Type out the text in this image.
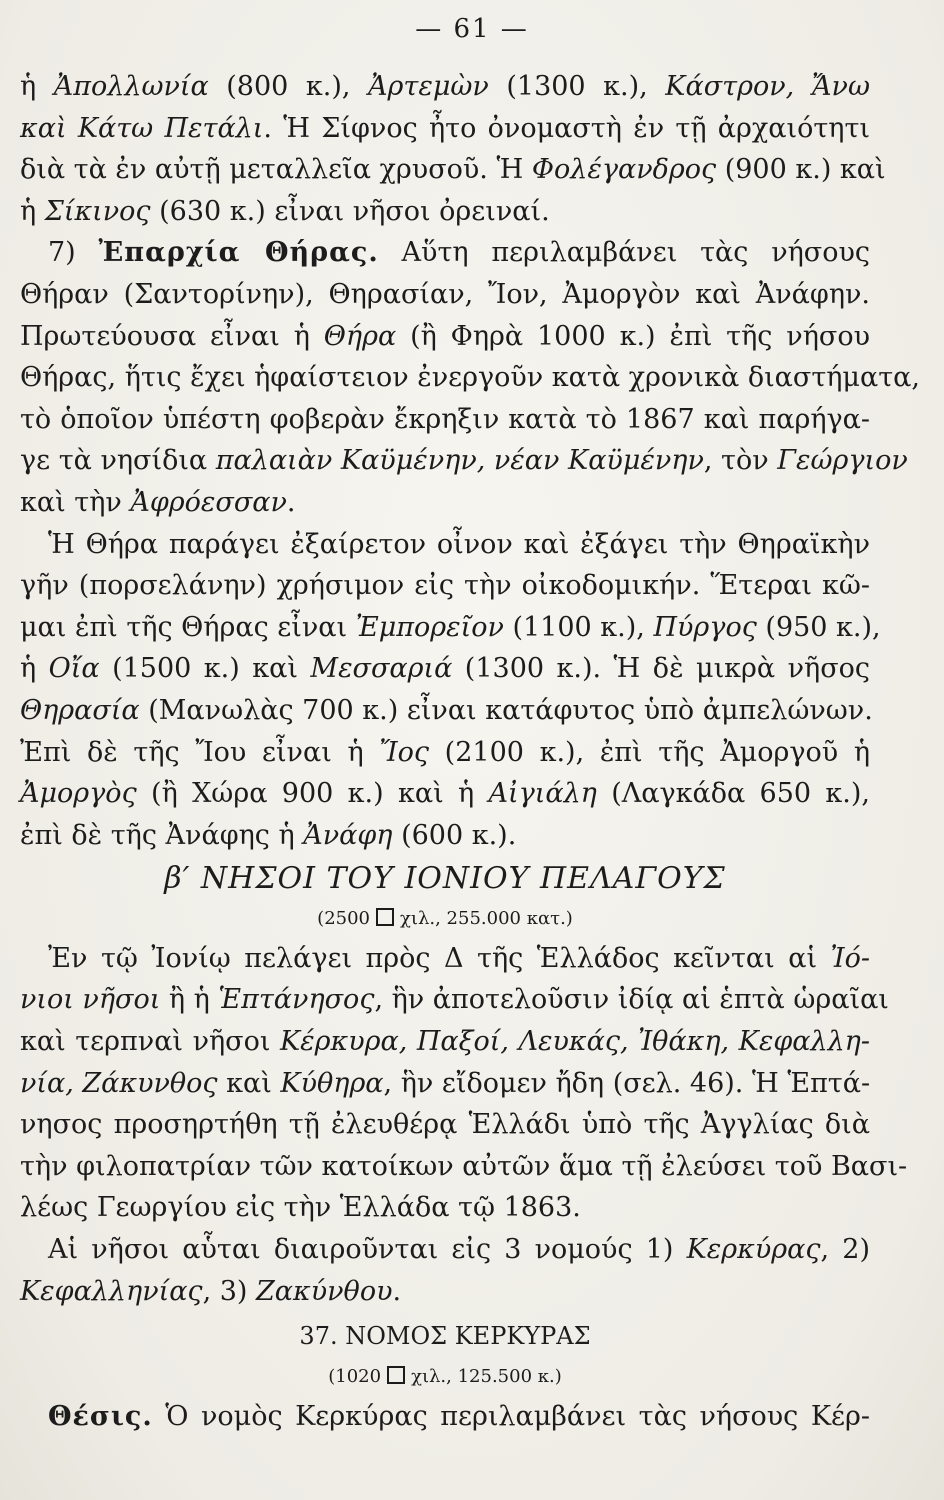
— 61 —
ἡ Ἀπολλωνία (800 κ.), Ἀρτεμὼν (1300 κ.), Κάστρον, Ἄνω
καὶ Κάτω Πετάλι. Ἡ Σίφνος ἦτο ὀνομαστὴ ἐν τῇ ἀρχαιότητι
διὰ τὰ ἐν αὐτῇ μεταλλεῖα χρυσοῦ. Ἡ Φολέγανδρος (900 κ.) καὶ
ἡ Σίκινος (630 κ.) εἶναι νῆσοι ὀρειναί.
7) Ἐπαρχία Θήρας. Αὕτη περιλαμβάνει τὰς νήσους
Θήραν (Σαντορίνην), Θηρασίαν, Ἴον, Ἀμοργὸν καὶ Ἀνάφην.
Πρωτεύουσα εἶναι ἡ Θήρα (ἢ Φηρὰ 1000 κ.) ἐπὶ τῆς νήσου
Θήρας, ἥτις ἔχει ἡφαίστειον ἐνεργοῦν κατὰ χρονικὰ διαστήματα,
τὸ ὁποῖον ὑπέστη φοβερὰν ἔκρηξιν κατὰ τὸ 1867 καὶ παρήγα-
γε τὰ νησίδια παλαιὰν Καϋμένην, νέαν Καϋμένην, τὸν Γεώργιον
καὶ τὴν Ἀφρόεσσαν.
Ἡ Θήρα παράγει ἐξαίρετον οἶνον καὶ ἐξάγει τὴν Θηραϊκὴν
γῆν (πορσελάνην) χρήσιμον εἰς τὴν οἰκοδομικήν. Ἕτεραι κῶ-
μαι ἐπὶ τῆς Θήρας εἶναι Ἐμπορεῖον (1100 κ.), Πύργος (950 κ.),
ἡ Οἴα (1500 κ.) καὶ Μεσσαριά (1300 κ.). Ἡ δὲ μικρὰ νῆσος
Θηρασία (Μανωλὰς 700 κ.) εἶναι κατάφυτος ὑπὸ ἀμπελώνων.
Ἐπὶ δὲ τῆς Ἴου εἶναι ἡ Ἴος (2100 κ.), ἐπὶ τῆς Ἀμοργοῦ ἡ
Ἀμοργὸς (ἢ Χώρα 900 κ.) καὶ ἡ Αἰγιάλη (Λαγκάδα 650 κ.),
ἐπὶ δὲ τῆς Ἀνάφης ἡ Ἀνάφη (600 κ.).
β′ ΝΗΣΟΙ ΤΟΥ ΙΟΝΙΟΥ ΠΕΛΑΓΟΥΣ
(2500 χιλ., 255.000 κατ.)
Ἐν τῷ Ἰονίῳ πελάγει πρὸς Δ τῆς Ἑλλάδος κεῖνται αἱ Ἰό-
νιοι νῆσοι ἢ ἡ Ἑπτάνησος, ἣν ἀποτελοῦσιν ἰδίᾳ αἱ ἑπτὰ ὡραῖαι
καὶ τερπναὶ νῆσοι Κέρκυρα, Παξοί, Λευκάς, Ἰθάκη, Κεφαλλη-
νία, Ζάκυνθος καὶ Κύθηρα, ἣν εἴδομεν ἤδη (σελ. 46). Ἡ Ἑπτά-
νησος προσηρτήθη τῇ ἐλευθέρᾳ Ἑλλάδι ὑπὸ τῆς Ἀγγλίας διὰ
τὴν φιλοπατρίαν τῶν κατοίκων αὐτῶν ἅμα τῇ ἐλεύσει τοῦ Βασι-
λέως Γεωργίου εἰς τὴν Ἑλλάδα τῷ 1863.
Αἱ νῆσοι αὗται διαιροῦνται εἰς 3 νομούς 1) Κερκύρας, 2)
Κεφαλληνίας, 3) Ζακύνθου.
37. ΝΟΜΟΣ ΚΕΡΚΥΡΑΣ
(1020 χιλ., 125.500 κ.)
Θέσις. Ὁ νομὸς Κερκύρας περιλαμβάνει τὰς νήσους Κέρ-
